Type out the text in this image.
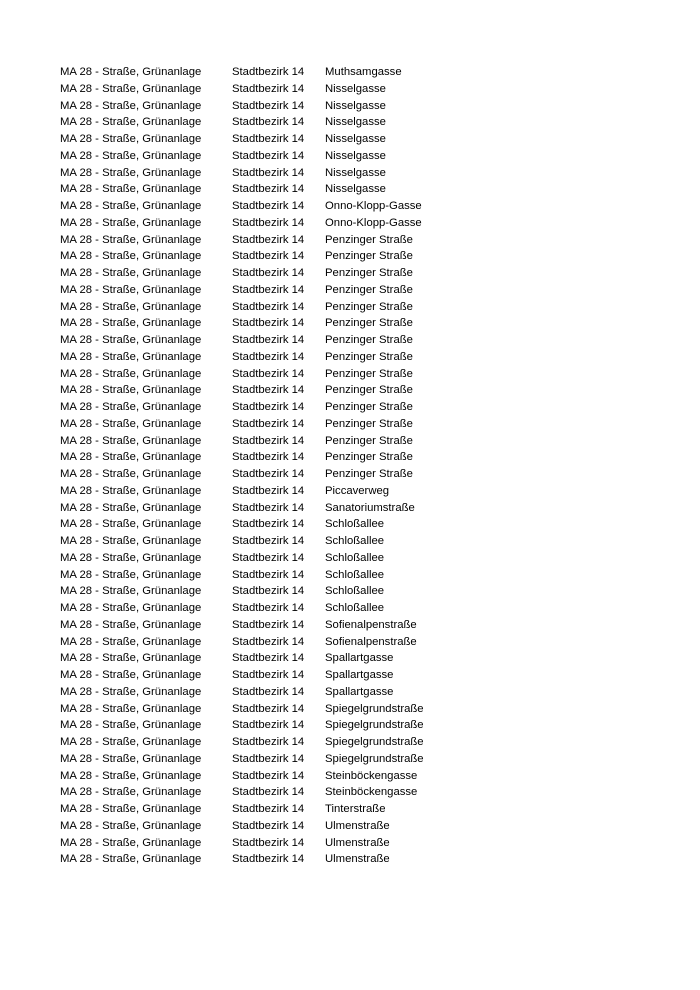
MA 28 - Straße, Grünanlage	Stadtbezirk 14	Muthsamgasse
MA 28 - Straße, Grünanlage	Stadtbezirk 14	Nisselgasse
MA 28 - Straße, Grünanlage	Stadtbezirk 14	Nisselgasse
MA 28 - Straße, Grünanlage	Stadtbezirk 14	Nisselgasse
MA 28 - Straße, Grünanlage	Stadtbezirk 14	Nisselgasse
MA 28 - Straße, Grünanlage	Stadtbezirk 14	Nisselgasse
MA 28 - Straße, Grünanlage	Stadtbezirk 14	Nisselgasse
MA 28 - Straße, Grünanlage	Stadtbezirk 14	Nisselgasse
MA 28 - Straße, Grünanlage	Stadtbezirk 14	Onno-Klopp-Gasse
MA 28 - Straße, Grünanlage	Stadtbezirk 14	Onno-Klopp-Gasse
MA 28 - Straße, Grünanlage	Stadtbezirk 14	Penzinger Straße
MA 28 - Straße, Grünanlage	Stadtbezirk 14	Penzinger Straße
MA 28 - Straße, Grünanlage	Stadtbezirk 14	Penzinger Straße
MA 28 - Straße, Grünanlage	Stadtbezirk 14	Penzinger Straße
MA 28 - Straße, Grünanlage	Stadtbezirk 14	Penzinger Straße
MA 28 - Straße, Grünanlage	Stadtbezirk 14	Penzinger Straße
MA 28 - Straße, Grünanlage	Stadtbezirk 14	Penzinger Straße
MA 28 - Straße, Grünanlage	Stadtbezirk 14	Penzinger Straße
MA 28 - Straße, Grünanlage	Stadtbezirk 14	Penzinger Straße
MA 28 - Straße, Grünanlage	Stadtbezirk 14	Penzinger Straße
MA 28 - Straße, Grünanlage	Stadtbezirk 14	Penzinger Straße
MA 28 - Straße, Grünanlage	Stadtbezirk 14	Penzinger Straße
MA 28 - Straße, Grünanlage	Stadtbezirk 14	Penzinger Straße
MA 28 - Straße, Grünanlage	Stadtbezirk 14	Penzinger Straße
MA 28 - Straße, Grünanlage	Stadtbezirk 14	Penzinger Straße
MA 28 - Straße, Grünanlage	Stadtbezirk 14	Piccaverweg
MA 28 - Straße, Grünanlage	Stadtbezirk 14	Sanatoriumstraße
MA 28 - Straße, Grünanlage	Stadtbezirk 14	Schloßallee
MA 28 - Straße, Grünanlage	Stadtbezirk 14	Schloßallee
MA 28 - Straße, Grünanlage	Stadtbezirk 14	Schloßallee
MA 28 - Straße, Grünanlage	Stadtbezirk 14	Schloßallee
MA 28 - Straße, Grünanlage	Stadtbezirk 14	Schloßallee
MA 28 - Straße, Grünanlage	Stadtbezirk 14	Schloßallee
MA 28 - Straße, Grünanlage	Stadtbezirk 14	Sofienalpenstraße
MA 28 - Straße, Grünanlage	Stadtbezirk 14	Sofienalpenstraße
MA 28 - Straße, Grünanlage	Stadtbezirk 14	Spallartgasse
MA 28 - Straße, Grünanlage	Stadtbezirk 14	Spallartgasse
MA 28 - Straße, Grünanlage	Stadtbezirk 14	Spallartgasse
MA 28 - Straße, Grünanlage	Stadtbezirk 14	Spiegelgrundstraße
MA 28 - Straße, Grünanlage	Stadtbezirk 14	Spiegelgrundstraße
MA 28 - Straße, Grünanlage	Stadtbezirk 14	Spiegelgrundstraße
MA 28 - Straße, Grünanlage	Stadtbezirk 14	Spiegelgrundstraße
MA 28 - Straße, Grünanlage	Stadtbezirk 14	Steinböckengasse
MA 28 - Straße, Grünanlage	Stadtbezirk 14	Steinböckengasse
MA 28 - Straße, Grünanlage	Stadtbezirk 14	Tinterstraße
MA 28 - Straße, Grünanlage	Stadtbezirk 14	Ulmenstraße
MA 28 - Straße, Grünanlage	Stadtbezirk 14	Ulmenstraße
MA 28 - Straße, Grünanlage	Stadtbezirk 14	Ulmenstraße
